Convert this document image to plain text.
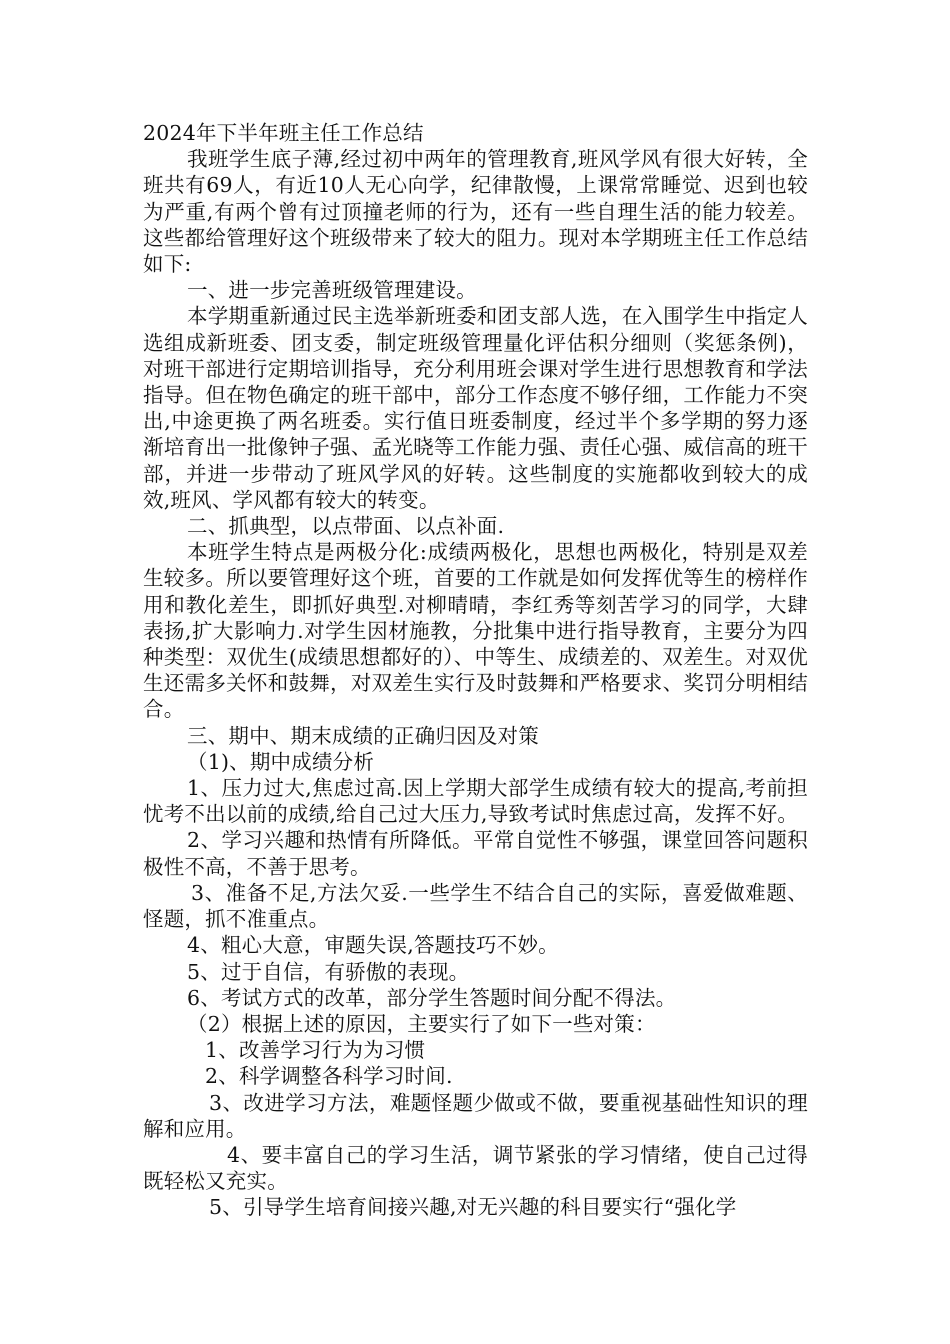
2024年下半年班主任工作总结

我班学生底子薄,经过初中两年的管理教育,班风学风有很大好转，全班共有69人，有近10人无心向学，纪律散慢，上课常常睡觉、迟到也较为严重,有两个曾有过顶撞老师的行为，还有一些自理生活的能力较差。这些都给管理好这个班级带来了较大的阻力。现对本学期班主任工作总结如下:

一、进一步完善班级管理建设。

本学期重新通过民主选举新班委和团支部人选，在入围学生中指定人选组成新班委、团支委，制定班级管理量化评估积分细则（奖惩条例)，对班干部进行定期培训指导，充分利用班会课对学生进行思想教育和学法指导。但在物色确定的班干部中，部分工作态度不够仔细，工作能力不突出,中途更换了两名班委。实行值日班委制度，经过半个多学期的努力逐渐培育出一批像钟子强、孟光晓等工作能力强、责任心强、威信高的班干部，并进一步带动了班风学风的好转。这些制度的实施都收到较大的成效,班风、学风都有较大的转变。

二、抓典型，以点带面、以点补面.

本班学生特点是两极分化:成绩两极化，思想也两极化，特别是双差生较多。所以要管理好这个班，首要的工作就是如何发挥优等生的榜样作用和教化差生，即抓好典型.对柳晴晴，李红秀等刻苦学习的同学，大肆表扬,扩大影响力.对学生因材施教，分批集中进行指导教育，主要分为四种类型：双优生(成绩思想都好的）、中等生、成绩差的、双差生。对双优生还需多关怀和鼓舞，对双差生实行及时鼓舞和严格要求、奖罚分明相结合。

三、期中、期末成绩的正确归因及对策

（1)、期中成绩分析

1、压力过大,焦虑过高.因上学期大部学生成绩有较大的提高,考前担忧考不出以前的成绩,给自己过大压力,导致考试时焦虑过高，发挥不好。

2、学习兴趣和热情有所降低。平常自觉性不够强，课堂回答问题积极性不高，不善于思考。

3、准备不足,方法欠妥.一些学生不结合自己的实际，喜爱做难题、怪题，抓不准重点。

4、粗心大意，审题失误,答题技巧不妙。

5、过于自信，有骄傲的表现。

6、考试方式的改革，部分学生答题时间分配不得法。

（2）根据上述的原因，主要实行了如下一些对策：

1、改善学习行为为习惯

2、科学调整各科学习时间.

3、改进学习方法，难题怪题少做或不做，要重视基础性知识的理解和应用。

4、要丰富自己的学习生活，调节紧张的学习情绪，使自己过得既轻松又充实。

5、引导学生培育间接兴趣,对无兴趣的科目要实行“强化学
